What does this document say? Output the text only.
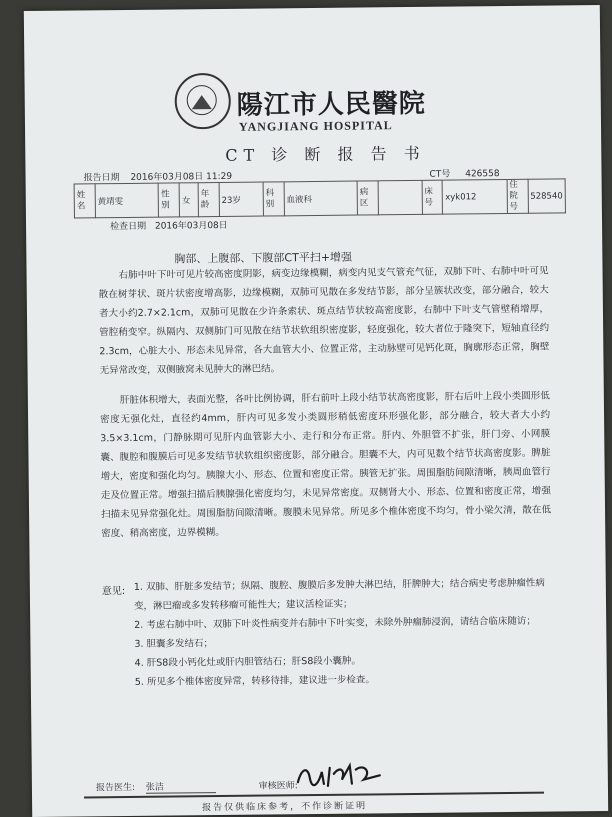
陽江市人民醫院
YANGJIANG HOSPITAL
CT 诊 断 报 告 书
报告日期 2016年03月08日 11:29	CT号 426558
姓名	黄靖雯	性别	女	年龄	23岁	科别	血液科	病区		床号	xyk012	住院号	528540
检查日期 2016年03月08日
胸部、上腹部、下腹部CT平扫+增强

右肺中叶下叶可见片较高密度阴影，病变边缘模糊，病变内见支气管充气征，双肺下叶、右肺中叶可见散在树芽状、斑片状密度增高影，边缘模糊，双肺可见散在多发结节影，部分呈簇状改变，部分融合，较大者大小约2.7×2.1cm，双肺可见散在少许条索状、斑点结节状较高密度影，右肺中下叶支气管壁稍增厚，管腔稍变窄。纵隔内、双侧肺门可见散在结节状软组织密度影，轻度强化，较大者位于隆突下，短轴直径约2.3cm，心脏大小、形态未见异常，各大血管大小、位置正常，主动脉壁可见钙化斑，胸廓形态正常，胸壁无异常改变，双侧腋窝未见肿大的淋巴结。

肝脏体积增大，表面光整，各叶比例协调，肝右前叶上段小结节状高密度影，肝右后叶上段小类圆形低密度无强化灶，直径约4mm，肝内可见多发小类圆形稍低密度环形强化影，部分融合，较大者大小约3.5×3.1cm，门静脉期可见肝内血管影大小、走行和分布正常。肝内、外胆管不扩张，肝门旁、小网膜囊、腹腔和腹膜后可见多发结节状软组织密度影，部分融合。胆囊不大，内可见数个结节状高密度影。脾脏增大，密度和强化均匀。胰腺大小、形态、位置和密度正常。胰管无扩张。周围脂肪间隙清晰，胰周血管行走及位置正常。增强扫描后胰腺强化密度均匀，未见异常密度。双侧肾大小、形态、位置和密度正常，增强扫描未见异常强化灶。周围脂肪间隙清晰。腹膜未见异常。所见多个椎体密度不均匀，骨小梁欠清，散在低密度、稍高密度，边界模糊。

意见: 1. 双肺、肝脏多发结节；纵隔、腹腔、腹膜后多发肿大淋巴结，肝脾肿大；结合病史考虑肿瘤性病变，淋巴瘤或多发转移瘤可能性大；建议活检证实；
2. 考虑右肺中叶、双肺下叶炎性病变并右肺中下叶实变，未除外肿瘤肺浸润，请结合临床随访；
3. 胆囊多发结石；
4. 肝S8段小钙化灶或肝内胆管结石；肝S8段小囊肿。
5. 所见多个椎体密度异常，转移待排，建议进一步检查。
报告医生: 张洁	审核医师:
报告仅供临床参考，不作诊断证明
